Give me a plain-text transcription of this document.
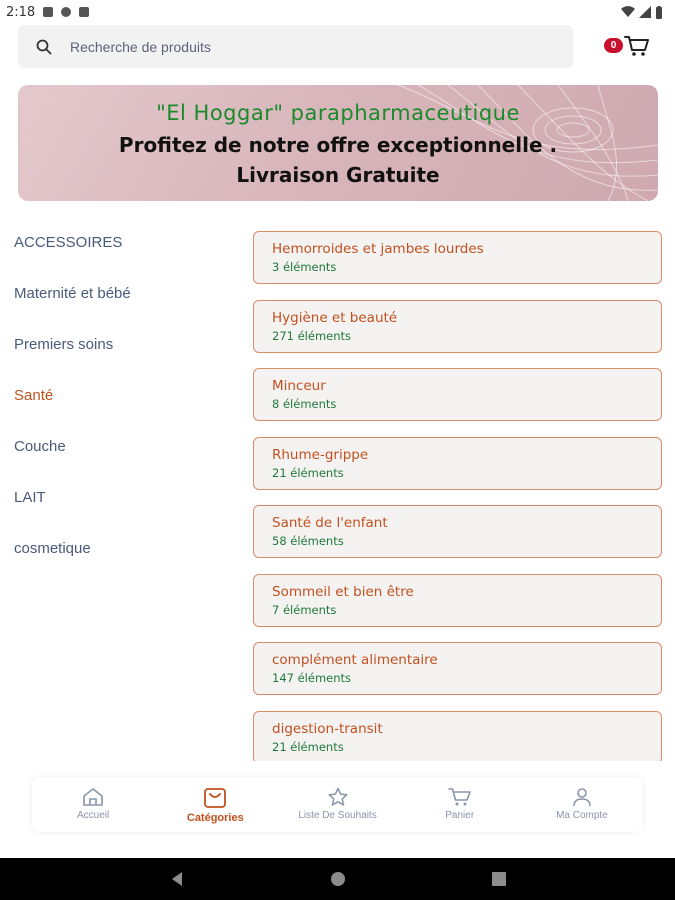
2:18
Recherche de produits
0
"El Hoggar" parapharmaceutique
Profitez de notre offre exceptionnelle .
Livraison Gratuite
ACCESSOIRES
Maternité et bébé
Premiers soins
Santé
Couche
LAIT
cosmetique
Hemorroides et jambes lourdes
3 éléments
Hygiène et beauté
271 éléments
Minceur
8 éléments
Rhume-grippe
21 éléments
Santé de l'enfant
58 éléments
Sommeil et bien être
7 éléments
complément alimentaire
147 éléments
digestion-transit
21 éléments
Accueil	Catégories	Liste De Souhaits	Panier	Ma Compte
